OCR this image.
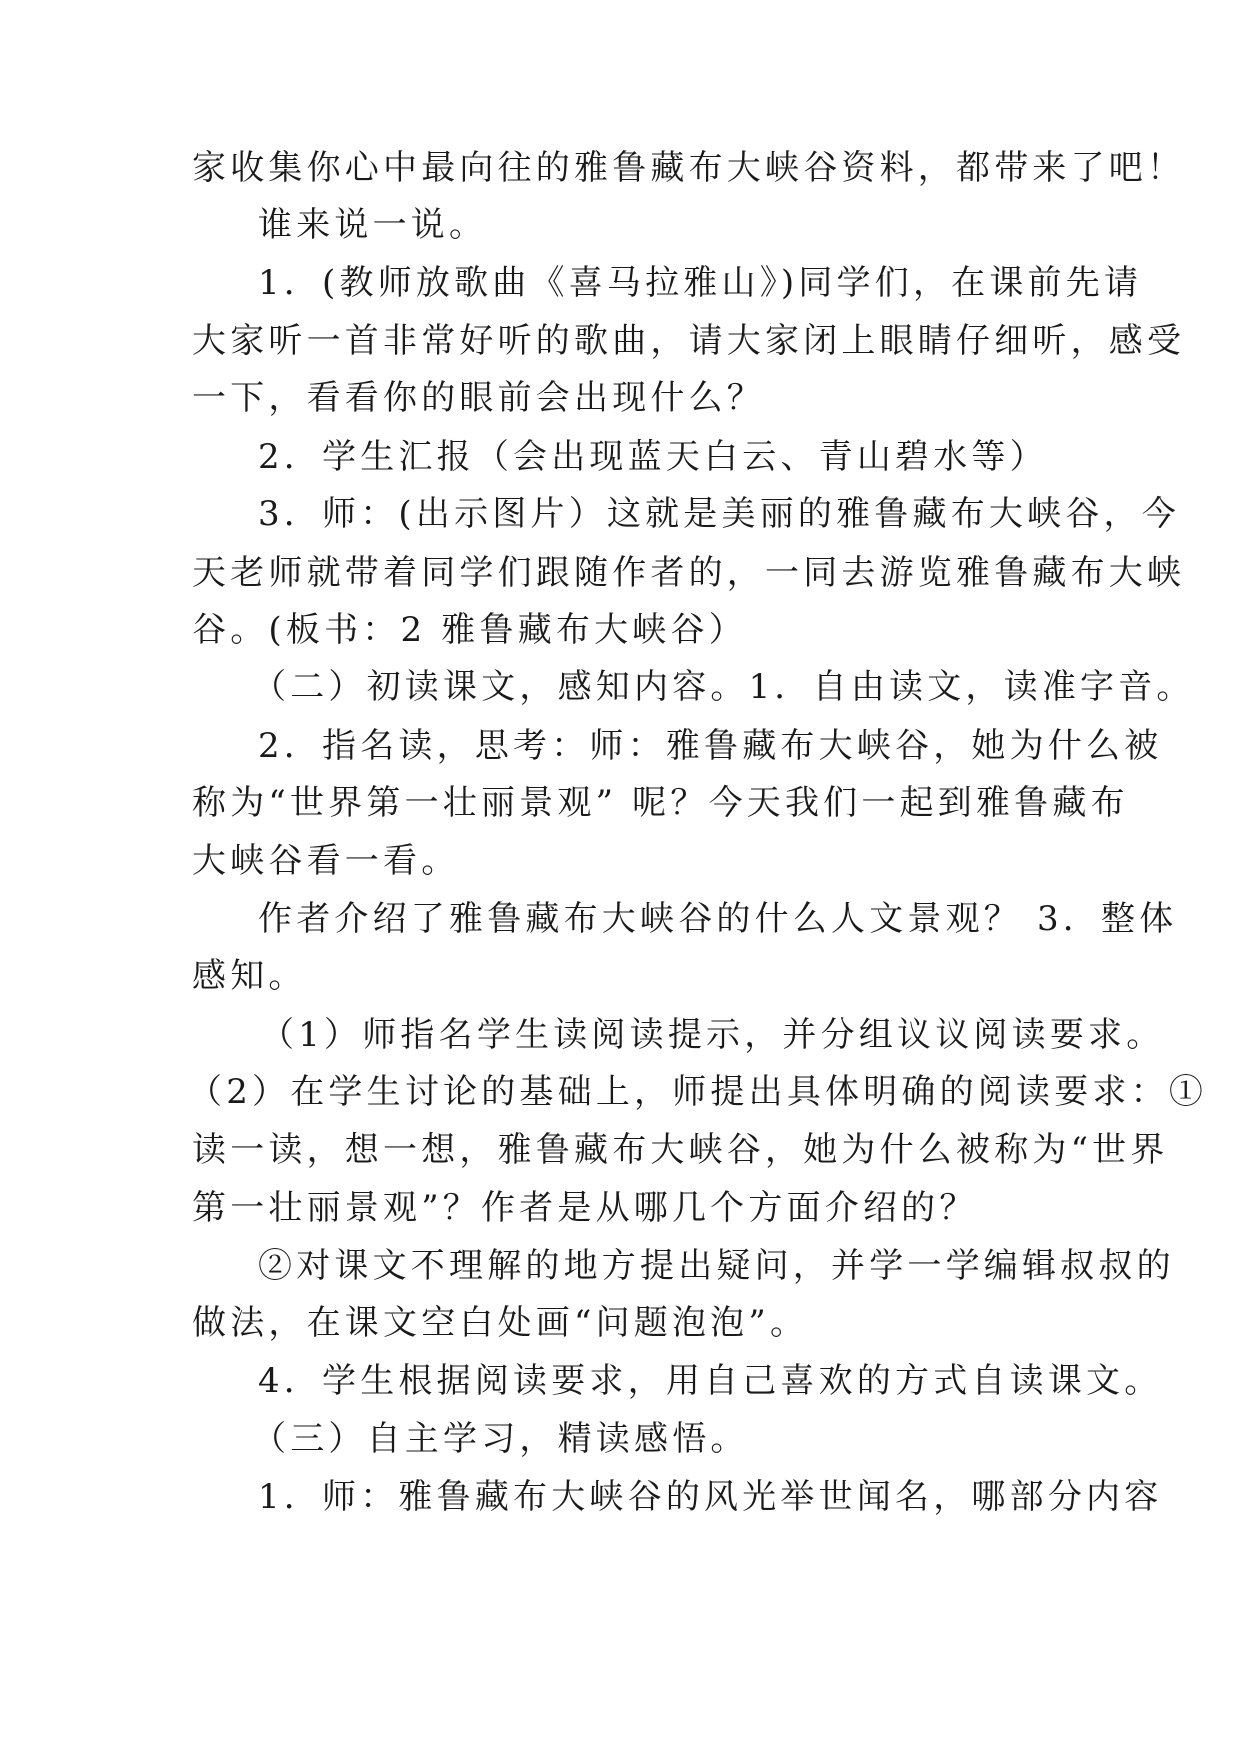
家收集你心中最向往的雅鲁藏布大峡谷资料，都带来了吧！
谁来说一说。
1．(教师放歌曲《喜马拉雅山》)同学们，在课前先请
大家听一首非常好听的歌曲，请大家闭上眼睛仔细听，感受
一下，看看你的眼前会出现什么？
2．学生汇报（会出现蓝天白云、青山碧水等）
3．师：(出示图片）这就是美丽的雅鲁藏布大峡谷，今
天老师就带着同学们跟随作者的，一同去游览雅鲁藏布大峡
谷。(板书：2 雅鲁藏布大峡谷）
（二）初读课文，感知内容。1．自由读文，读准字音。
2．指名读，思考：师：雅鲁藏布大峡谷，她为什么被
称为“世界第一壮丽景观” 呢？今天我们一起到雅鲁藏布
大峡谷看一看。
作者介绍了雅鲁藏布大峡谷的什么人文景观？ 3．整体
感知。
（1）师指名学生读阅读提示，并分组议议阅读要求。
（2）在学生讨论的基础上，师提出具体明确的阅读要求：①
读一读，想一想，雅鲁藏布大峡谷，她为什么被称为“世界
第一壮丽景观”？作者是从哪几个方面介绍的？
②对课文不理解的地方提出疑问，并学一学编辑叔叔的
做法，在课文空白处画“问题泡泡”。
4．学生根据阅读要求，用自己喜欢的方式自读课文。
（三）自主学习，精读感悟。
1．师：雅鲁藏布大峡谷的风光举世闻名，哪部分内容
